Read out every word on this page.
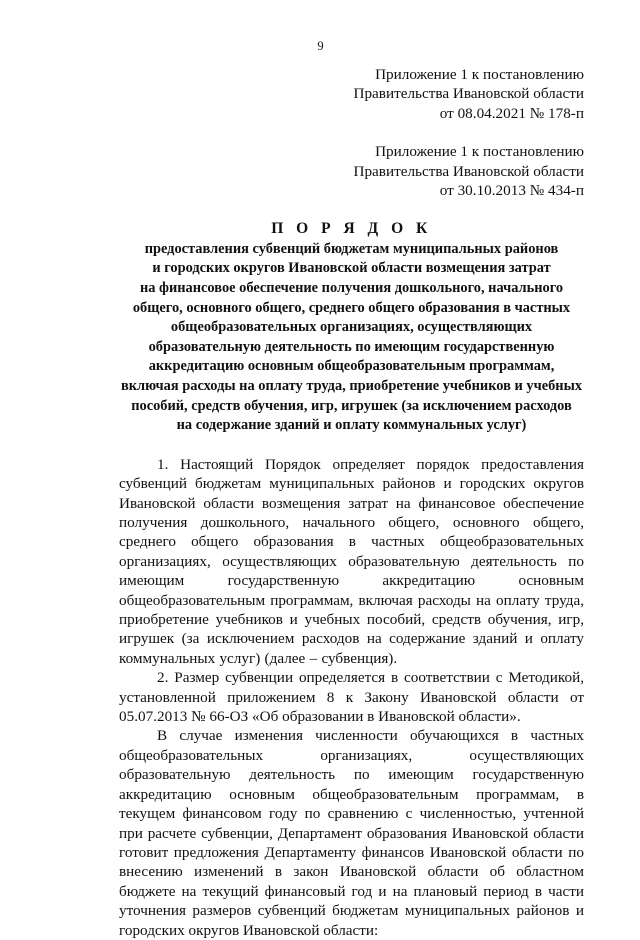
9
Приложение 1 к постановлению
Правительства Ивановской области
от 08.04.2021 № 178-п
Приложение 1 к постановлению
Правительства Ивановской области
от 30.10.2013 № 434-п
П О Р Я Д О К
предоставления субвенций бюджетам муниципальных районов
и городских округов Ивановской области возмещения затрат
на финансовое обеспечение получения дошкольного, начального
общего, основного общего, среднего общего образования в частных
общеобразовательных организациях, осуществляющих
образовательную деятельность по имеющим государственную
аккредитацию основным общеобразовательным программам,
включая расходы на оплату труда, приобретение учебников и учебных
пособий, средств обучения, игр, игрушек (за исключением расходов
на содержание зданий и оплату коммунальных услуг)

1. Настоящий Порядок определяет порядок предоставления субвенций бюджетам муниципальных районов и городских округов Ивановской области возмещения затрат на финансовое обеспечение получения дошкольного, начального общего, основного общего, среднего общего образования в частных общеобразовательных организациях, осуществляющих образовательную деятельность по имеющим государственную аккредитацию основным общеобразовательным программам, включая расходы на оплату труда, приобретение учебников и учебных пособий, средств обучения, игр, игрушек (за исключением расходов на содержание зданий и оплату коммунальных услуг) (далее – субвенция).

2. Размер субвенции определяется в соответствии с Методикой, установленной приложением 8 к Закону Ивановской области от 05.07.2013 № 66-ОЗ «Об образовании в Ивановской области».

В случае изменения численности обучающихся в частных общеобразовательных организациях, осуществляющих образовательную деятельность по имеющим государственную аккредитацию основным общеобразовательным программам, в текущем финансовом году по сравнению с численностью, учтенной при расчете субвенции, Департамент образования Ивановской области готовит предложения Департаменту финансов Ивановской области по внесению изменений в закон Ивановской области об областном бюджете на текущий финансовый год и на плановый период в части уточнения размеров субвенций бюджетам муниципальных районов и городских округов Ивановской области:
